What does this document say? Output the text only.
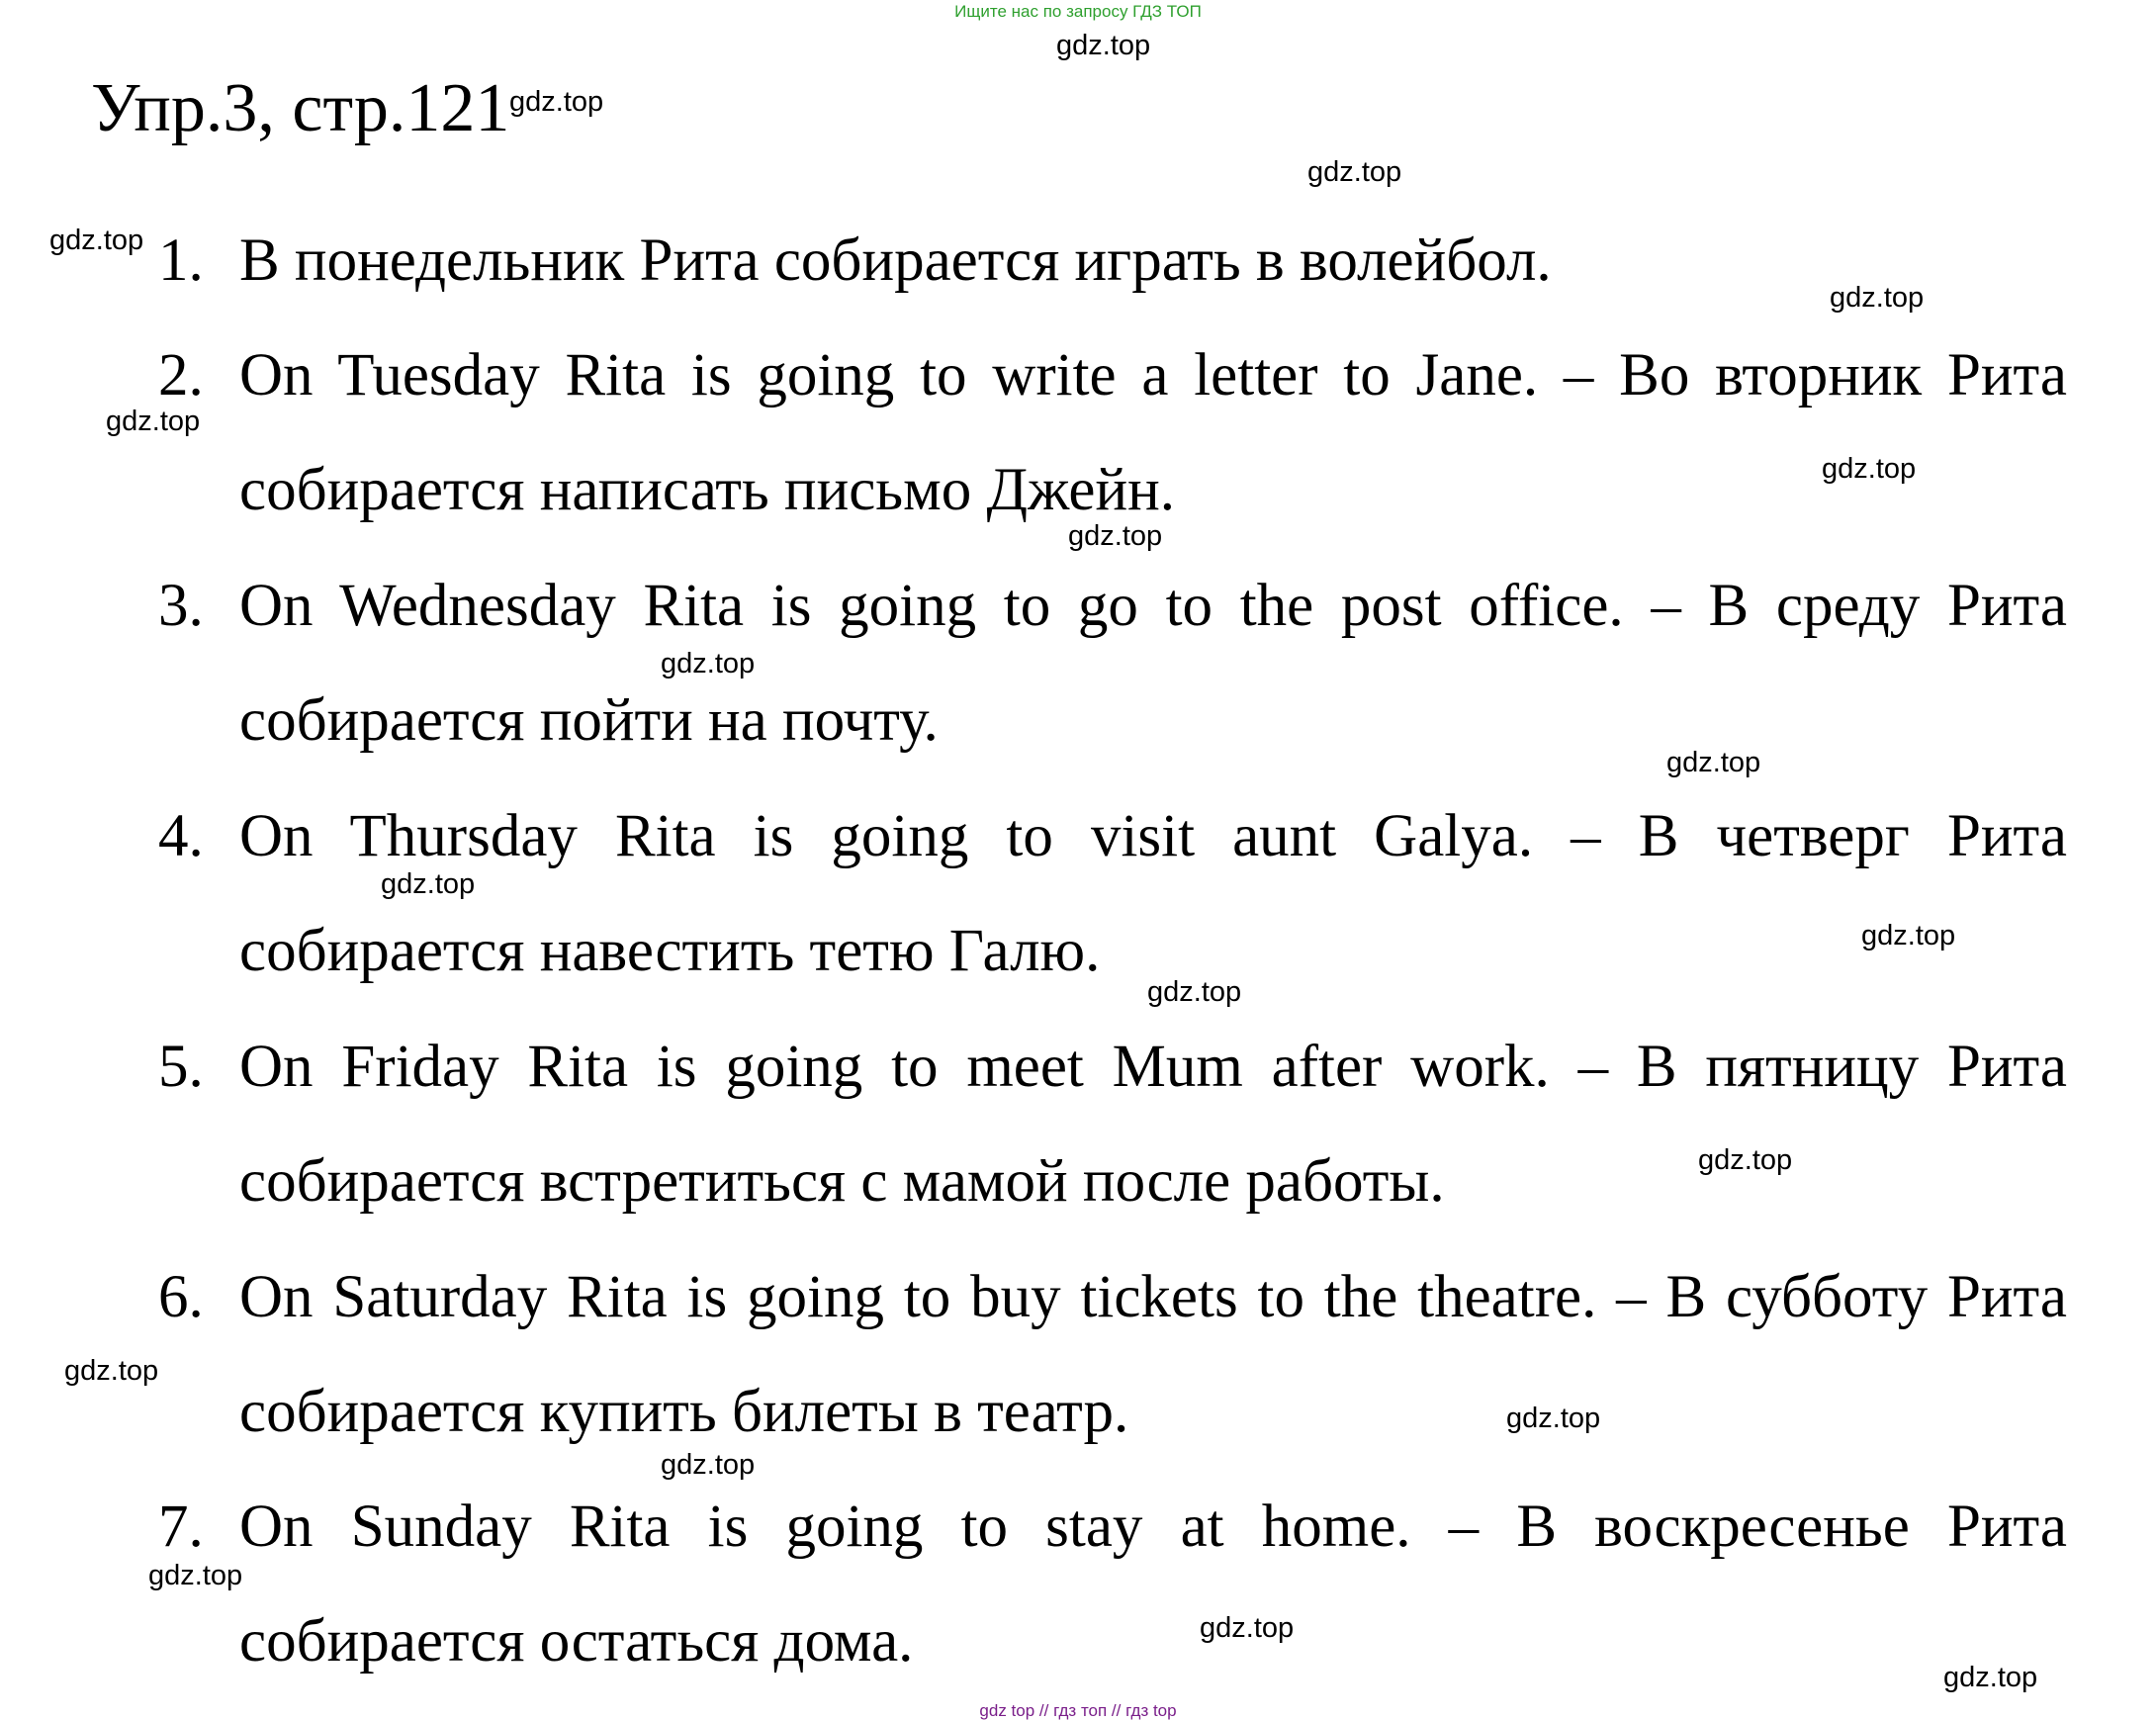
Ищите нас по запросу ГДЗ ТОП
Упр.3, стр.121
1. В понедельник Рита собирается играть в волейбол.
2. On Tuesday Rita is going to write a letter to Jane. – Во вторник Рита собирается написать письмо Джейн.
3. On Wednesday Rita is going to go to the post office. – В среду Рита собирается пойти на почту.
4. On Thursday Rita is going to visit aunt Galya. – В четверг Рита собирается навестить тетю Галю.
5. On Friday Rita is going to meet Mum after work. – В пятницу Рита собирается встретиться с мамой после работы.
6. On Saturday Rita is going to buy tickets to the theatre. – В субботу Рита собирается купить билеты в театр.
7. On Sunday Rita is going to stay at home. – В воскресенье Рита собирается остаться дома.
gdz.top
gdz.top
gdz.top
gdz.top
gdz.top
gdz.top
gdz.top
gdz.top
gdz.top
gdz.top
gdz.top
gdz.top
gdz.top
gdz.top
gdz.top
gdz.top
gdz.top
gdz.top
gdz.top
gdz.top
gdz top // гдз топ // гдз top
